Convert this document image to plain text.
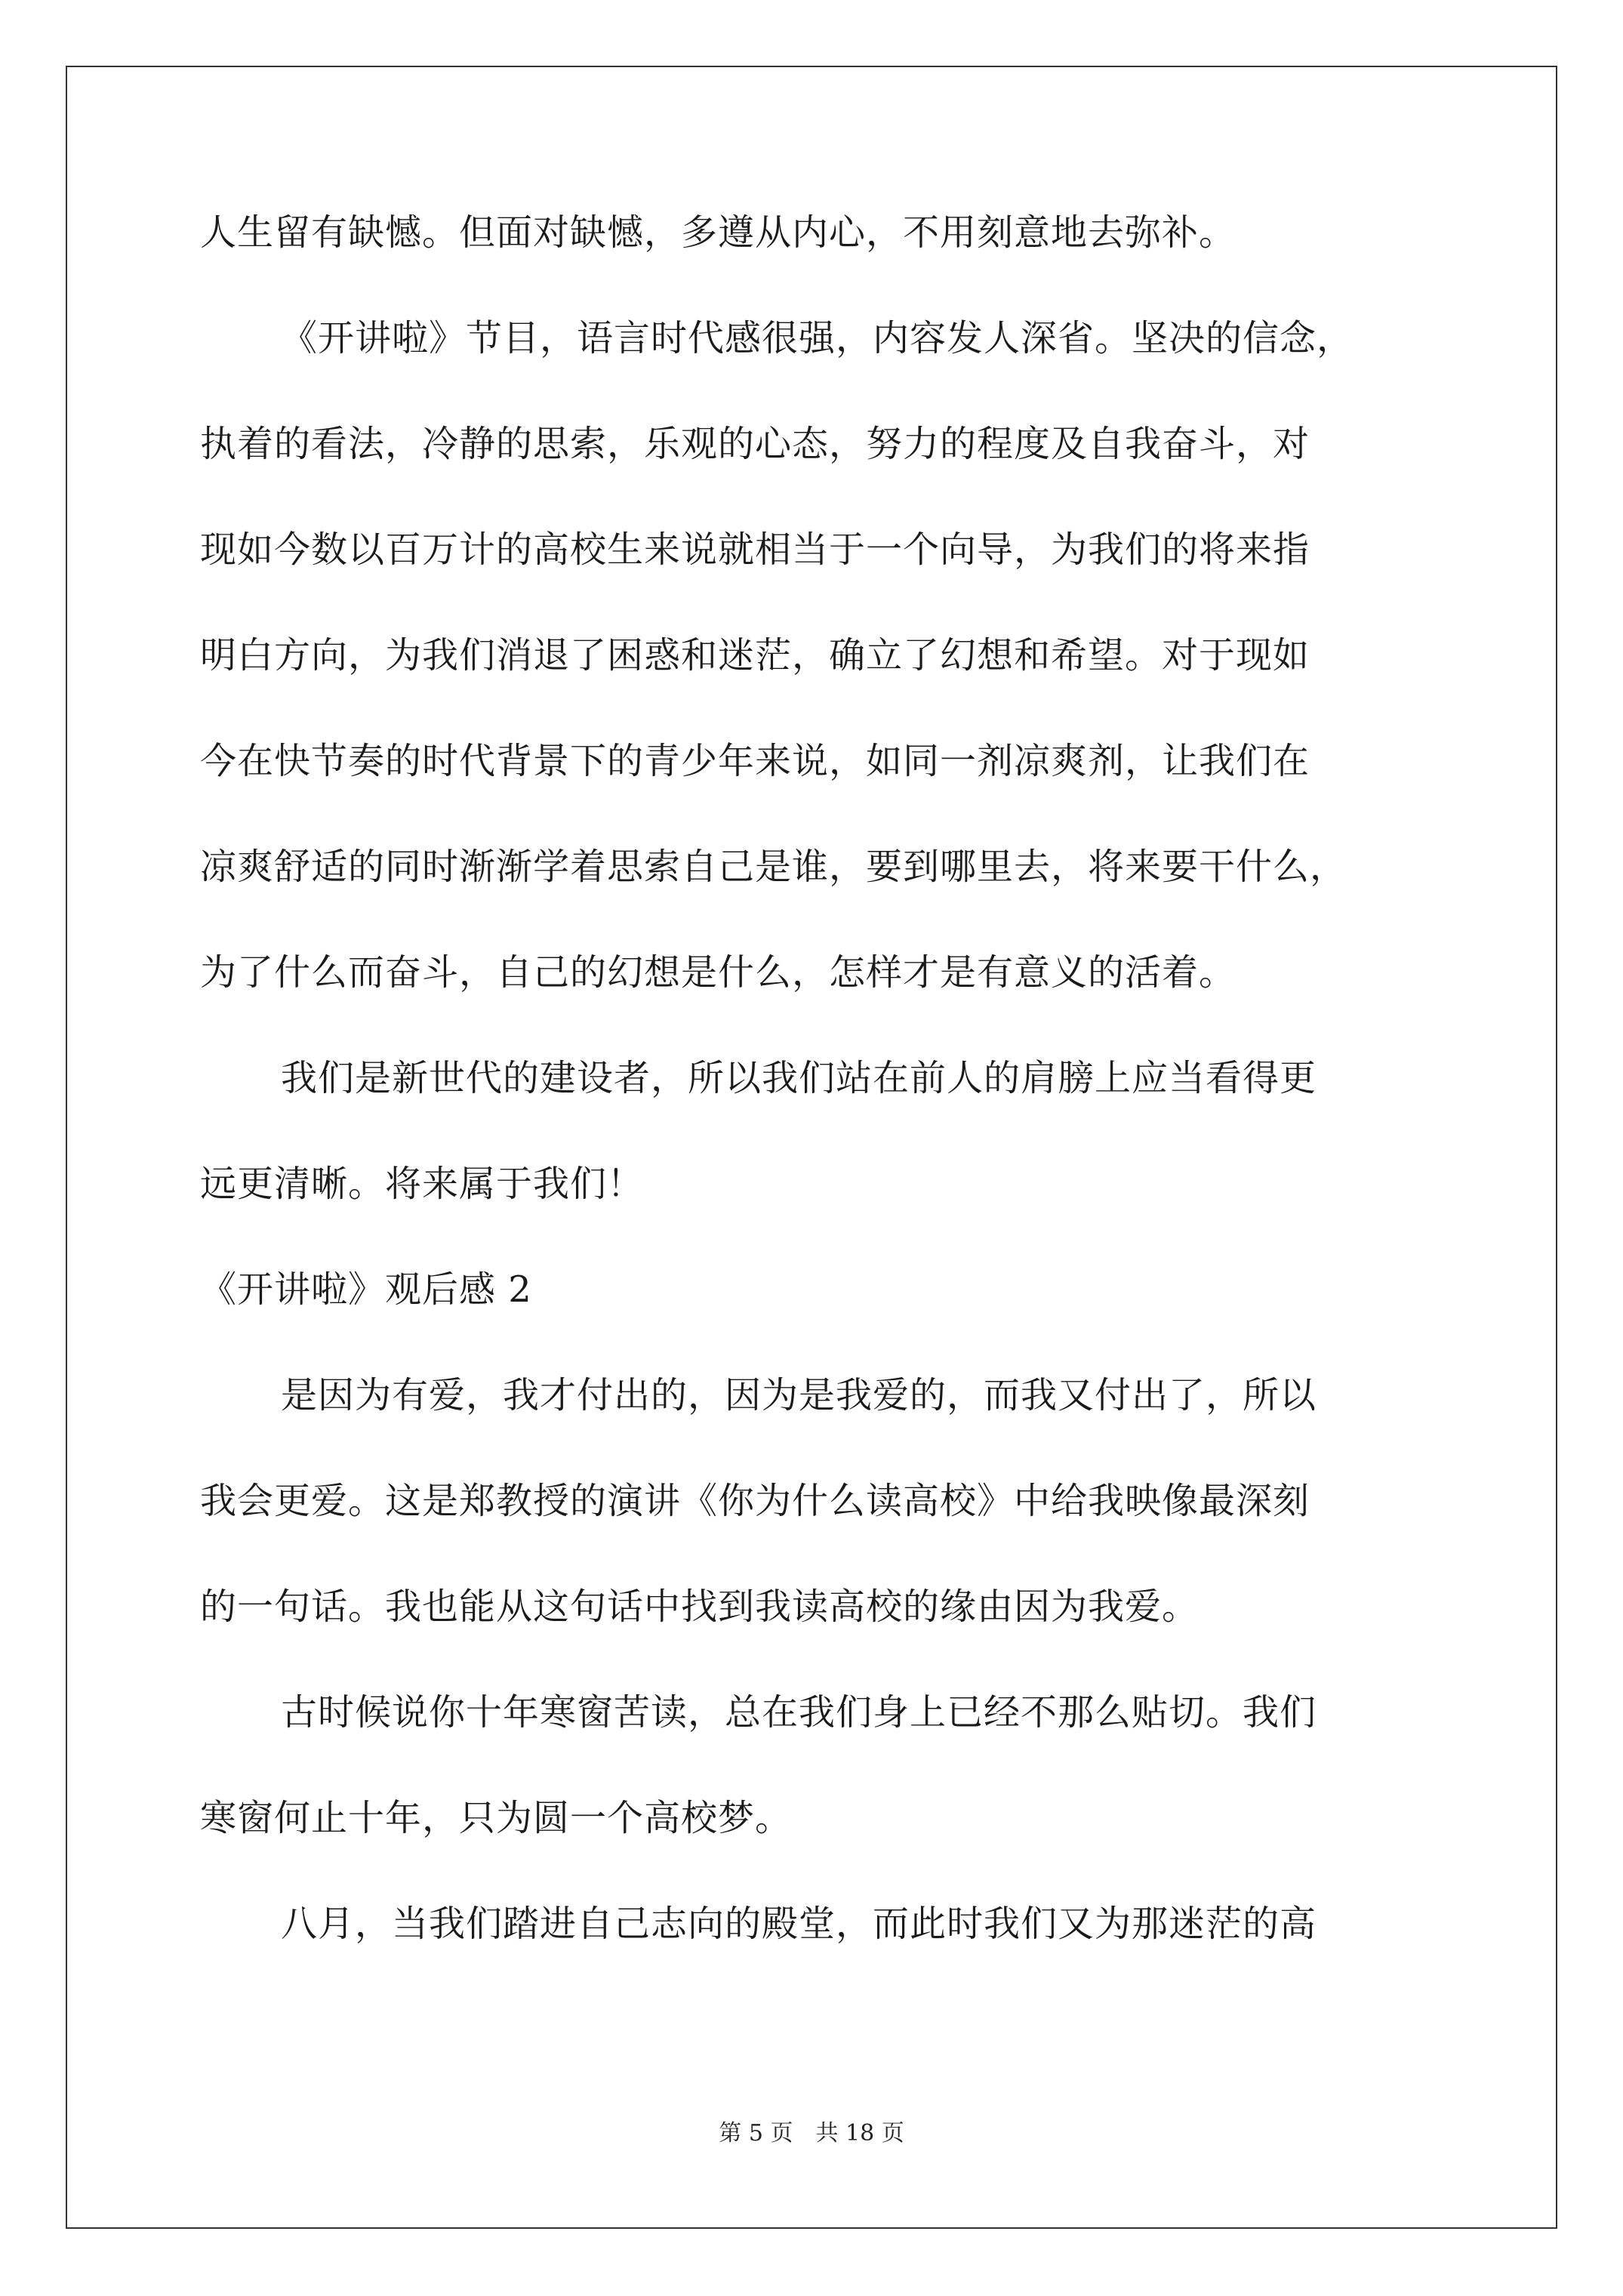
人生留有缺憾。但面对缺憾，多遵从内心，不用刻意地去弥补。
《开讲啦》节目，语言时代感很强，内容发人深省。坚决的信念，
执着的看法，冷静的思索，乐观的心态，努力的程度及自我奋斗，对
现如今数以百万计的高校生来说就相当于一个向导，为我们的将来指
明白方向，为我们消退了困惑和迷茫，确立了幻想和希望。对于现如
今在快节奏的时代背景下的青少年来说，如同一剂凉爽剂，让我们在
凉爽舒适的同时渐渐学着思索自己是谁，要到哪里去，将来要干什么，
为了什么而奋斗，自己的幻想是什么，怎样才是有意义的活着。
我们是新世代的建设者，所以我们站在前人的肩膀上应当看得更
远更清晰。将来属于我们！
《开讲啦》观后感 2
是因为有爱，我才付出的，因为是我爱的，而我又付出了，所以
我会更爱。这是郑教授的演讲《你为什么读高校》中给我映像最深刻
的一句话。我也能从这句话中找到我读高校的缘由因为我爱。
古时候说你十年寒窗苦读，总在我们身上已经不那么贴切。我们
寒窗何止十年，只为圆一个高校梦。
八月，当我们踏进自己志向的殿堂，而此时我们又为那迷茫的高
第 5 页　共 18 页
